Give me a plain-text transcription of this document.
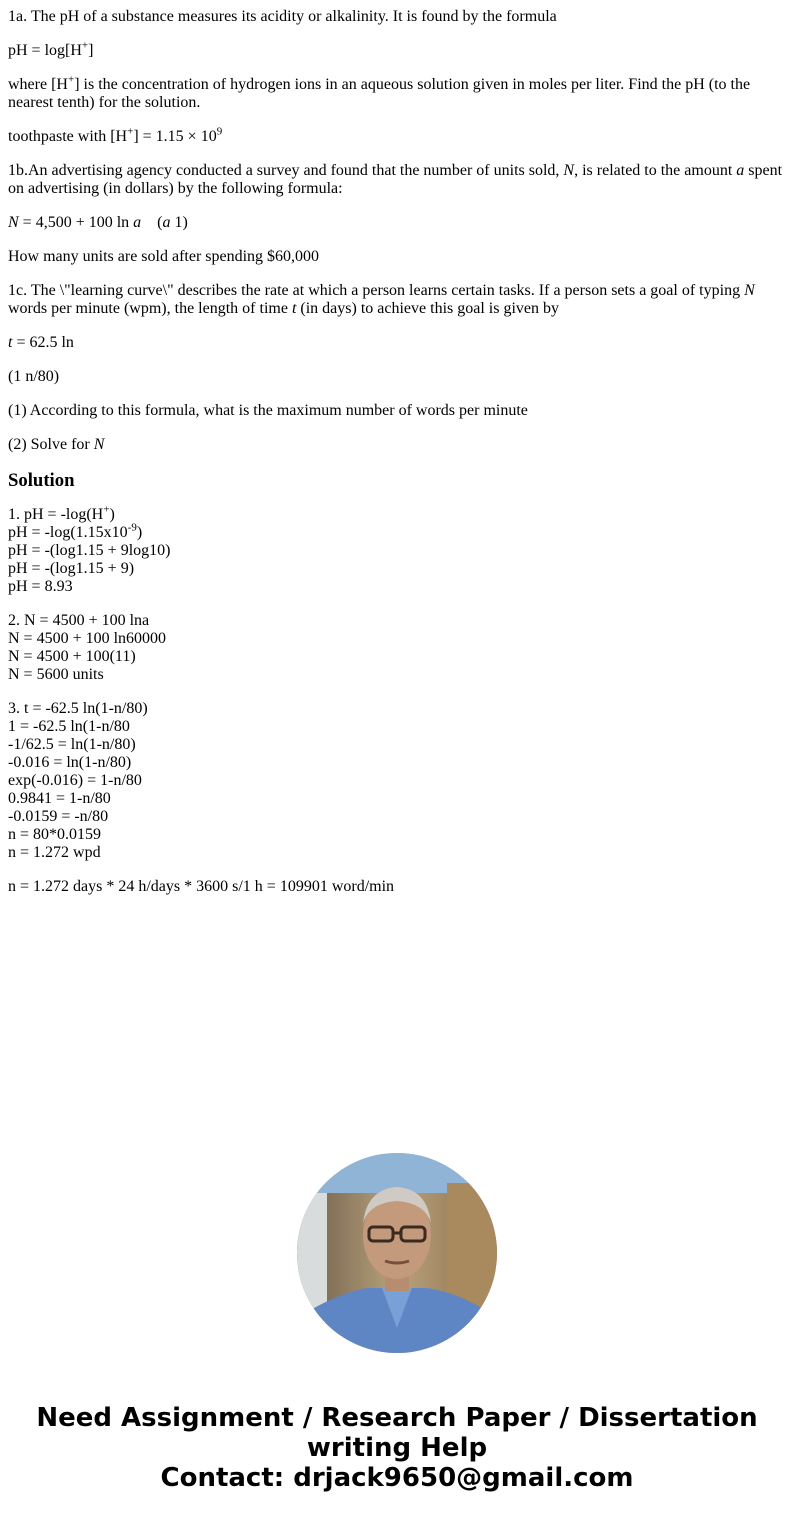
1a. The pH of a substance measures its acidity or alkalinity. It is found by the formula

pH = log[H+]

where [H+] is the concentration of hydrogen ions in an aqueous solution given in moles per liter. Find the pH (to the nearest tenth) for the solution.

toothpaste with $[H^+] = 1.15 \times 10^9$

1b.An advertising agency conducted a survey and found that the number of units sold, N, is related to the amount a spent on advertising (in dollars) by the following formula:

N = 4,500 + 100 ln a    (a 1)

How many units are sold after spending $60,000

1c. The \"learning curve\" describes the rate at which a person learns certain tasks. If a person sets a goal of typing N words per minute (wpm), the length of time t (in days) to achieve this goal is given by

t = 62.5 ln

(1 n/80)

(1) According to this formula, what is the maximum number of words per minute

(2) Solve for N

Solution

1. pH = -log(H+)

pH = $-\log(1.15x10^{-9})$

pH = -(log1.15 + 9log10)

pH = -(log1.15 + 9)

pH = 8.93

2. N = 4500 + 100 lna

N = 4500 + 100 ln60000

N = 4500 + 100(11)

N = 5600 units

3. t = -62.5 ln(1-n/80)

1 = -62.5 ln(1-n/80

-1/62.5 = ln(1-n/80)

-0.016 = ln(1-n/80)

exp(-0.016) = 1-n/80

0.9841 = 1-n/80

-0.0159 = -n/80

n = 80*0.0159

n = 1.272 wpd

n = 1.272 days * 24 h/days * 3600 s/1 h = 109901 word/min

Need Assignment / Research Paper / Dissertation
writing Help
Contact: drjack9650@gmail.com
